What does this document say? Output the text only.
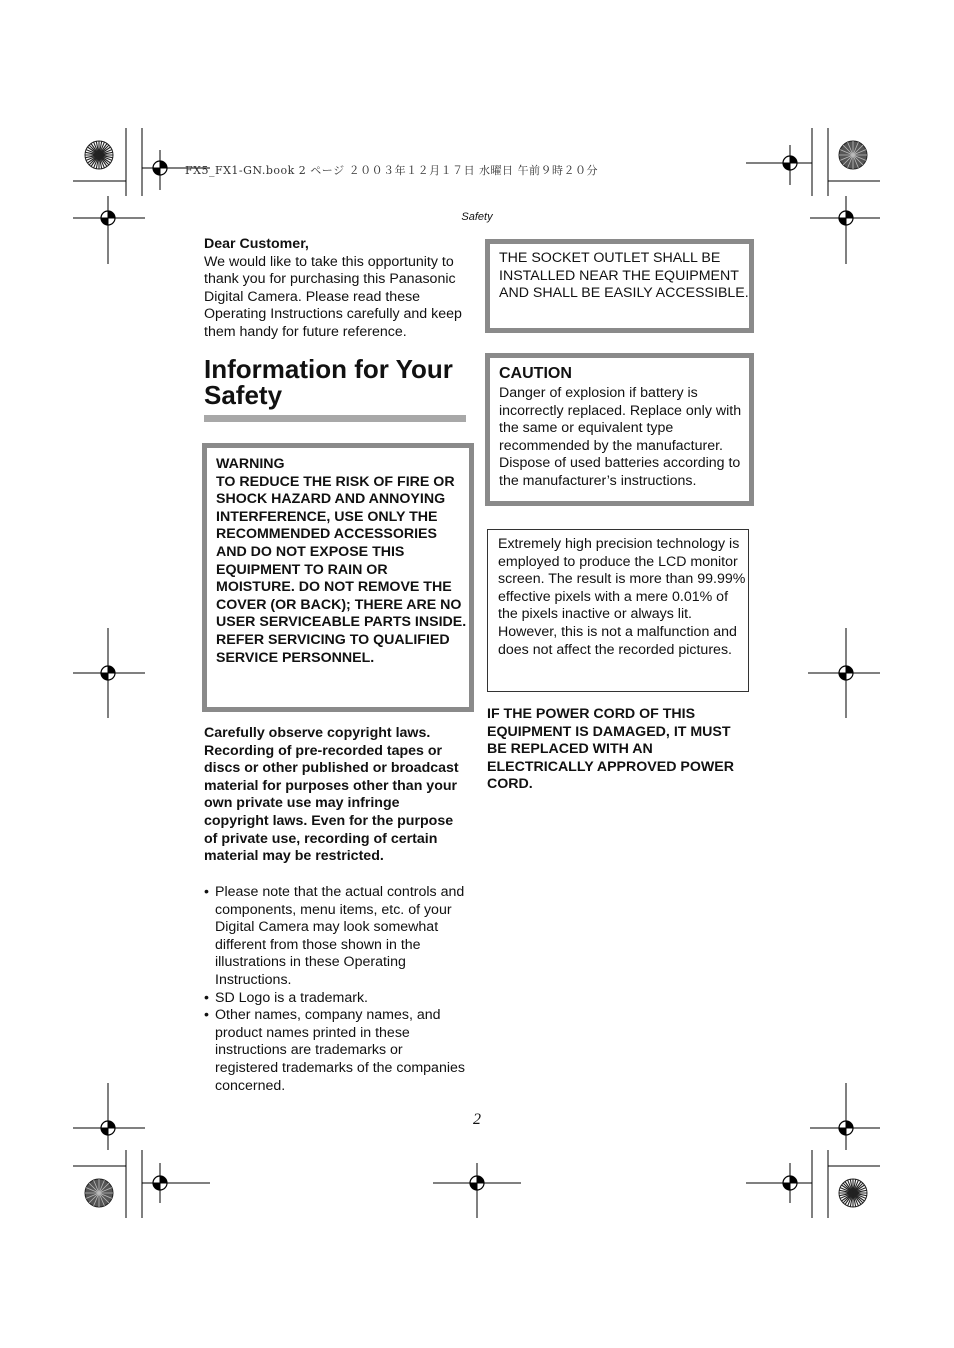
FX5_FX1-GN.book 2 ページ ２００３年１２月１７日 水曜日 午前９時２０分
Safety

Dear Customer,

We would like to take this opportunity to thank you for purchasing this Panasonic Digital Camera. Please read these Operating Instructions carefully and keep them handy for future reference.

Information for Your Safety

WARNING

TO REDUCE THE RISK OF FIRE OR SHOCK HAZARD AND ANNOYING INTERFERENCE, USE ONLY THE RECOMMENDED ACCESSORIES AND DO NOT EXPOSE THIS EQUIPMENT TO RAIN OR MOISTURE. DO NOT REMOVE THE COVER (OR BACK); THERE ARE NO USER SERVICEABLE PARTS INSIDE. REFER SERVICING TO QUALIFIED SERVICE PERSONNEL.

Carefully observe copyright laws. Recording of pre-recorded tapes or discs or other published or broadcast material for purposes other than your own private use may infringe copyright laws. Even for the purpose of private use, recording of certain material may be restricted.

• Please note that the actual controls and components, menu items, etc. of your Digital Camera may look somewhat different from those shown in the illustrations in these Operating Instructions.
• SD Logo is a trademark.
• Other names, company names, and product names printed in these instructions are trademarks or registered trademarks of the companies concerned.

THE SOCKET OUTLET SHALL BE INSTALLED NEAR THE EQUIPMENT AND SHALL BE EASILY ACCESSIBLE.

CAUTION

Danger of explosion if battery is incorrectly replaced. Replace only with the same or equivalent type recommended by the manufacturer. Dispose of used batteries according to the manufacturer’s instructions.

Extremely high precision technology is employed to produce the LCD monitor screen. The result is more than 99.99% effective pixels with a mere 0.01% of the pixels inactive or always lit. However, this is not a malfunction and does not affect the recorded pictures.

IF THE POWER CORD OF THIS EQUIPMENT IS DAMAGED, IT MUST BE REPLACED WITH AN ELECTRICALLY APPROVED POWER CORD.

2
